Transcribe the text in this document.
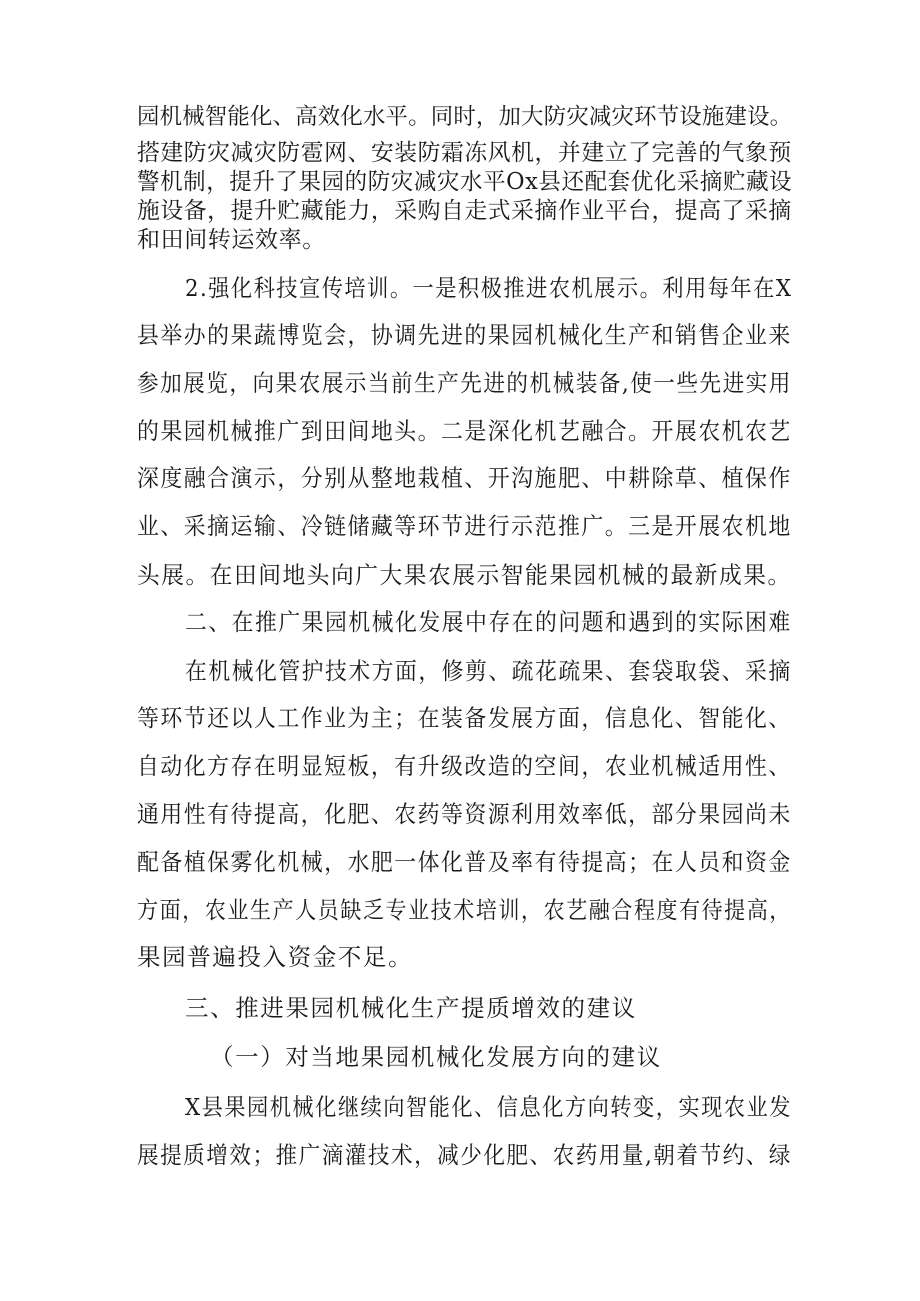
园机械智能化、高效化水平。同时，加大防灾减灾环节设施建设。

搭建防灾减灾防雹网、安装防霜冻风机，并建立了完善的气象预

警机制，提升了果园的防灾减灾水平Ox县还配套优化采摘贮藏设

施设备，提升贮藏能力，采购自走式采摘作业平台，提高了采摘

和田间转运效率。

2.强化科技宣传培训。一是积极推进农机展示。利用每年在X

县举办的果蔬博览会，协调先进的果园机械化生产和销售企业来

参加展览，向果农展示当前生产先进的机械装备,使一些先进实用

的果园机械推广到田间地头。二是深化机艺融合。开展农机农艺

深度融合演示，分别从整地栽植、开沟施肥、中耕除草、植保作

业、采摘运输、冷链储藏等环节进行示范推广。三是开展农机地

头展。在田间地头向广大果农展示智能果园机械的最新成果。

二、在推广果园机械化发展中存在的问题和遇到的实际困难

在机械化管护技术方面，修剪、疏花疏果、套袋取袋、采摘

等环节还以人工作业为主；在装备发展方面，信息化、智能化、

自动化方存在明显短板，有升级改造的空间，农业机械适用性、

通用性有待提高，化肥、农药等资源利用效率低，部分果园尚未

配备植保雾化机械，水肥一体化普及率有待提高；在人员和资金

方面，农业生产人员缺乏专业技术培训，农艺融合程度有待提高，

果园普遍投入资金不足。

三、推进果园机械化生产提质增效的建议

（一）对当地果园机械化发展方向的建议

X县果园机械化继续向智能化、信息化方向转变，实现农业发

展提质增效；推广滴灌技术，减少化肥、农药用量,朝着节约、绿
